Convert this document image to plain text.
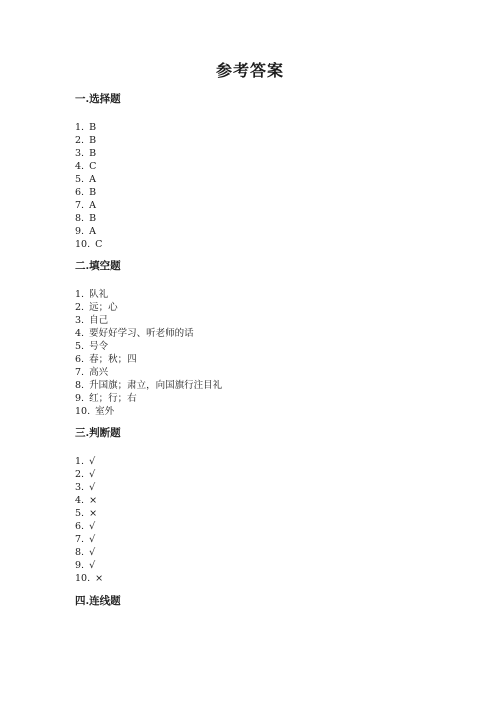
参考答案
一.选择题
1. B
2. B
3. B
4. C
5. A
6. B
7. A
8. B
9. A
10. C
二.填空题
1. 队礼
2. 远；心
3. 自己
4. 要好好学习、听老师的话
5. 号令
6. 春；秋；四
7. 高兴
8. 升国旗；肃立，向国旗行注目礼
9. 红；行；右
10. 室外
三.判断题
1. √
2. √
3. √
4. ×
5. ×
6. √
7. √
8. √
9. √
10. ×
四.连线题
